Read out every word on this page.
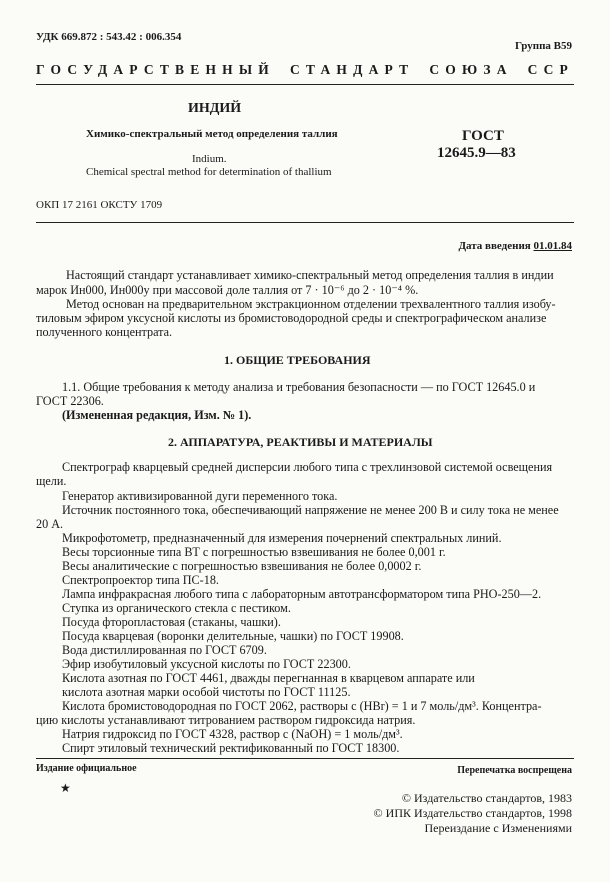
УДК 669.872 : 543.42 : 006.354
Группа В59
ГОСУДАРСТВЕННЫЙ СТАНДАРТ СОЮЗА ССР
ИНДИЙ
Химико-спектральный метод определения таллия
Indium.
Chemical spectral method for determination of thallium
ГОСТ
12645.9—83
ОКП 17 2161 ОКСТУ 1709
Дата введения 01.01.84
Настоящий стандарт устанавливает химико-спектральный метод определения таллия в индии
марок Ин000, Ин000у при массовой доле таллия от 7 · 10⁻⁶ до 2 · 10⁻⁴ %.
Метод основан на предварительном экстракционном отделении трехвалентного таллия изобу-
тиловым эфиром уксусной кислоты из бромистоводородной среды и спектрографическом анализе
полученного концентрата.
1. ОБЩИЕ ТРЕБОВАНИЯ
1.1. Общие требования к методу анализа и требования безопасности — по ГОСТ 12645.0 и
ГОСТ 22306.
(Измененная редакция, Изм. № 1).
2. АППАРАТУРА, РЕАКТИВЫ И МАТЕРИАЛЫ
Спектрограф кварцевый средней дисперсии любого типа с трехлинзовой системой освещения
щели.
Генератор активизированной дуги переменного тока.
Источник постоянного тока, обеспечивающий напряжение не менее 200 В и силу тока не менее
20 А.
Микрофотометр, предназначенный для измерения почернений спектральных линий.
Весы торсионные типа ВТ с погрешностью взвешивания не более 0,001 г.
Весы аналитические с погрешностью взвешивания не более 0,0002 г.
Спектропроектор типа ПС-18.
Лампа инфракрасная любого типа с лабораторным автотрансформатором типа РНО-250—2.
Ступка из органического стекла с пестиком.
Посуда фторопластовая (стаканы, чашки).
Посуда кварцевая (воронки делительные, чашки) по ГОСТ 19908.
Вода дистиллированная по ГОСТ 6709.
Эфир изобутиловый уксусной кислоты по ГОСТ 22300.
Кислота азотная по ГОСТ 4461, дважды перегнанная в кварцевом аппарате или
кислота азотная марки особой чистоты по ГОСТ 11125.
Кислота бромистоводородная по ГОСТ 2062, растворы c (HBr) = 1 и 7 моль/дм³. Концентра-
цию кислоты устанавливают титрованием раствором гидроксида натрия.
Натрия гидроксид по ГОСТ 4328, раствор c (NaOH) = 1 моль/дм³.
Спирт этиловый технический ректификованный по ГОСТ 18300.
Издание официальное
★
Перепечатка воспрещена
© Издательство стандартов, 1983
© ИПК Издательство стандартов, 1998
Переиздание с Изменениями
